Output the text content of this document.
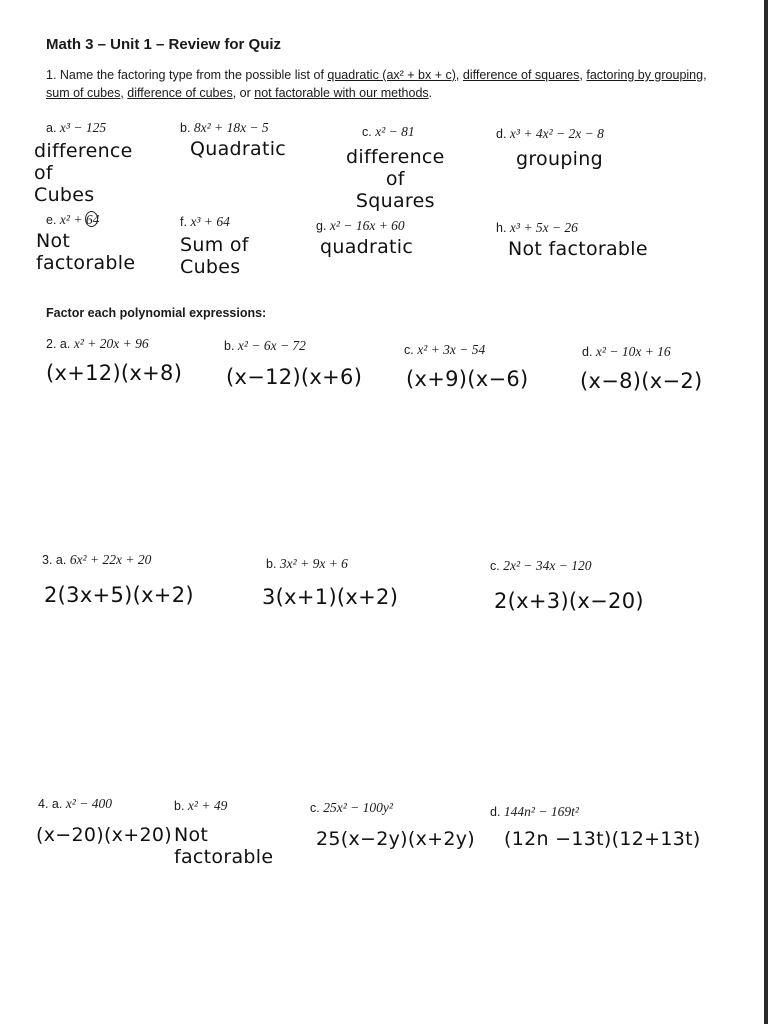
Math 3 – Unit 1 – Review for Quiz
1. Name the factoring type from the possible list of quadratic (ax² + bx + c), difference of squares, factoring by grouping, sum of cubes, difference of cubes, or not factorable with our methods.
a. x³ − 125
difference
of
Cubes
b. 8x² + 18x − 5
Quadratic
c. x² − 81
difference
of
Squares
d. x³ + 4x² − 2x − 8
grouping
e. x² + 64
Not
factorable
f. x³ + 64
Sum of
Cubes
g. x² − 16x + 60
quadratic
h. x³ + 5x − 26
Not factorable
Factor each polynomial expressions:
2. a. x² + 20x + 96
(x+12)(x+8)
b. x² − 6x − 72
(x−12)(x+6)
c. x² + 3x − 54
(x+9)(x−6)
d. x² − 10x + 16
(x−8)(x−2)
3. a. 6x² + 22x + 20
2(3x+5)(x+2)
b. 3x² + 9x + 6
3(x+1)(x+2)
c. 2x² − 34x − 120
2(x+3)(x−20)
4. a. x² − 400
(x−20)(x+20)
b. x² + 49
Not
factorable
c. 25x² − 100y²
25(x−2y)(x+2y)
d. 144n² − 169t²
(12n −13t)(12+13t)
